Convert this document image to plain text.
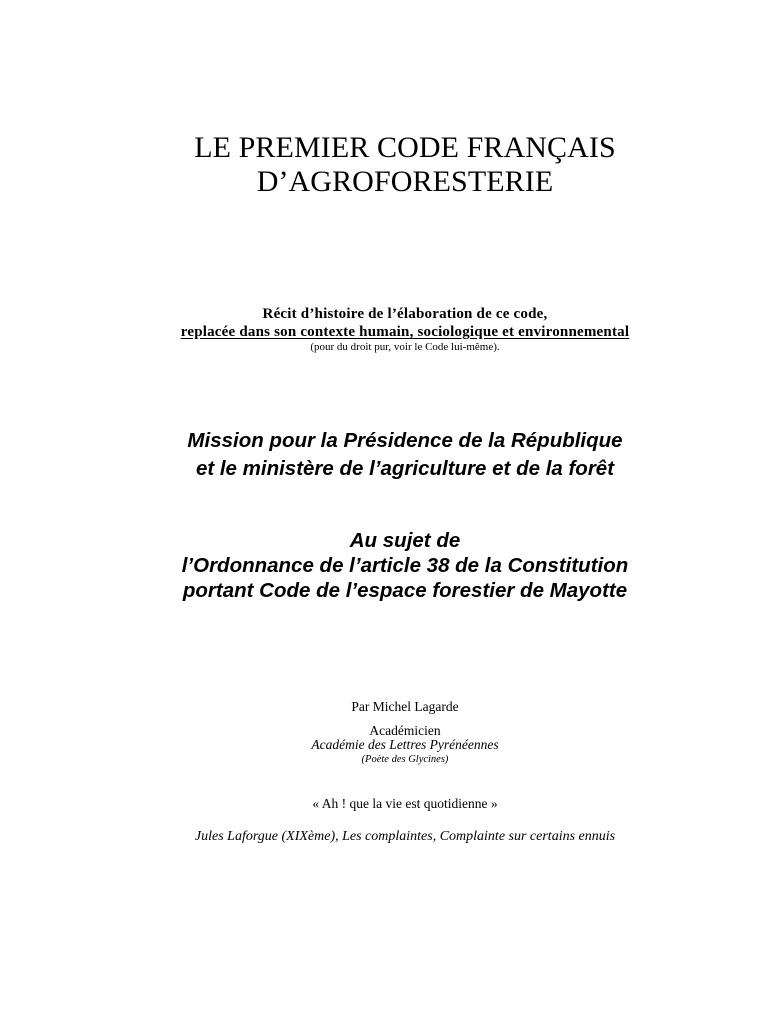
LE PREMIER CODE FRANÇAIS
D’AGROFORESTERIE
Récit d’histoire de l’élaboration de ce code,
replacée dans son contexte humain, sociologique et environnemental
(pour du droit pur, voir le Code lui-même).
Mission pour la Présidence de la République
et le ministère de l’agriculture et de la forêt
Au sujet de
l’Ordonnance de l’article 38 de la Constitution
portant Code de l’espace forestier de Mayotte
Par Michel Lagarde
Académicien
Académie des Lettres Pyrénéennes
(Poète des Glycines)
« Ah ! que la vie est quotidienne »
Jules Laforgue (XIXème), Les complaintes, Complainte sur certains ennuis
